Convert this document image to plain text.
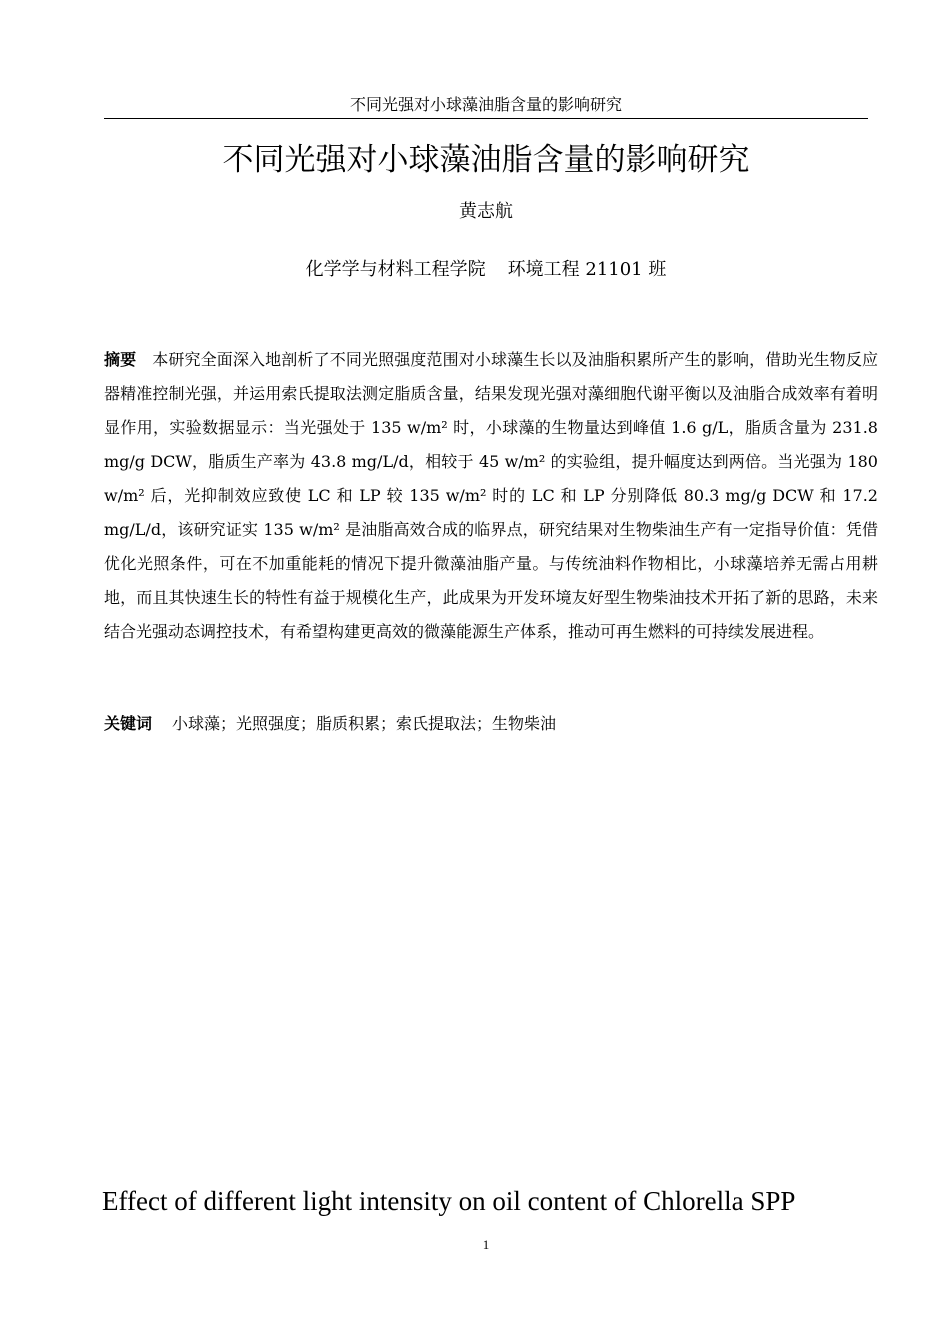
不同光强对小球藻油脂含量的影响研究
不同光强对小球藻油脂含量的影响研究
黄志航
化学学与材料工程学院 环境工程 21101 班

摘要 本研究全面深入地剖析了不同光照强度范围对小球藻生长以及油脂积累所产生的影响，借助光生物反应器精准控制光强，并运用索氏提取法测定脂质含量，结果发现光强对藻细胞代谢平衡以及油脂合成效率有着明显作用，实验数据显示：当光强处于 135 w/m² 时，小球藻的生物量达到峰值 1.6 g/L，脂质含量为 231.8 mg/g DCW，脂质生产率为 43.8 mg/L/d，相较于 45 w/m² 的实验组，提升幅度达到两倍。当光强为 180 w/m² 后，光抑制效应致使 LC 和 LP 较 135 w/m² 时的 LC 和 LP 分别降低 80.3 mg/g DCW 和 17.2 mg/L/d，该研究证实 135 w/m² 是油脂高效合成的临界点，研究结果对生物柴油生产有一定指导价值：凭借优化光照条件，可在不加重能耗的情况下提升微藻油脂产量。与传统油料作物相比，小球藻培养无需占用耕地，而且其快速生长的特性有益于规模化生产，此成果为开发环境友好型生物柴油技术开拓了新的思路，未来结合光强动态调控技术，有希望构建更高效的微藻能源生产体系，推动可再生燃料的可持续发展进程。

关键词 小球藻；光照强度；脂质积累；索氏提取法；生物柴油
Effect of different light intensity on oil content of Chlorella SPP
1
